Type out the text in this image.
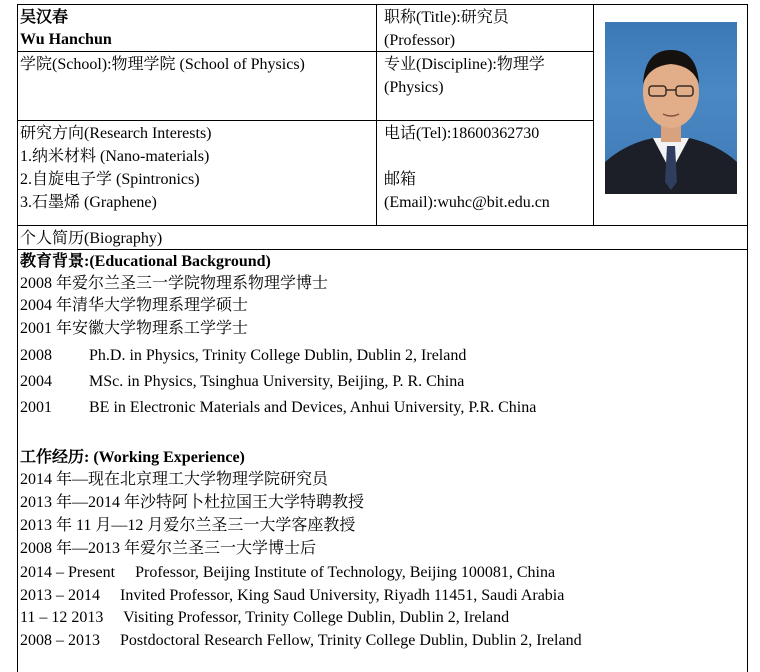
吴汉春
Wu Hanchun
职称(Title):研究员
(Professor)
学院(School):物理学院 (School of Physics)	专业(Discipline):物理学
(Physics)
研究方向(Research Interests)
1.纳米材料 (Nano-materials)
2.自旋电子学 (Spintronics)
3.石墨烯 (Graphene)
电话(Tel):18600362730
邮箱
(Email):wuhc@bit.edu.cn
个人简历(Biography)
教育背景:(Educational Background)
2008 年爱尔兰圣三一学院物理系物理学博士
2004 年清华大学物理系理学硕士
2001 年安徽大学物理系工学学士
2008 Ph.D. in Physics, Trinity College Dublin, Dublin 2, Ireland
2004 MSc. in Physics, Tsinghua University, Beijing, P. R. China
2001 BE in Electronic Materials and Devices, Anhui University, P.R. China
工作经历: (Working Experience)
2014 年—现在北京理工大学物理学院研究员
2013 年—2014 年沙特阿卜杜拉国王大学特聘教授
2013 年 11 月—12 月爱尔兰圣三一大学客座教授
2008 年—2013 年爱尔兰圣三一大学博士后
2014 – Present     Professor, Beijing Institute of Technology, Beijing 100081, China
2013 – 2014     Invited Professor, King Saud University, Riyadh 11451, Saudi Arabia
11 – 12 2013     Visiting Professor, Trinity College Dublin, Dublin 2, Ireland
2008 – 2013     Postdoctoral Research Fellow, Trinity College Dublin, Dublin 2, Ireland
